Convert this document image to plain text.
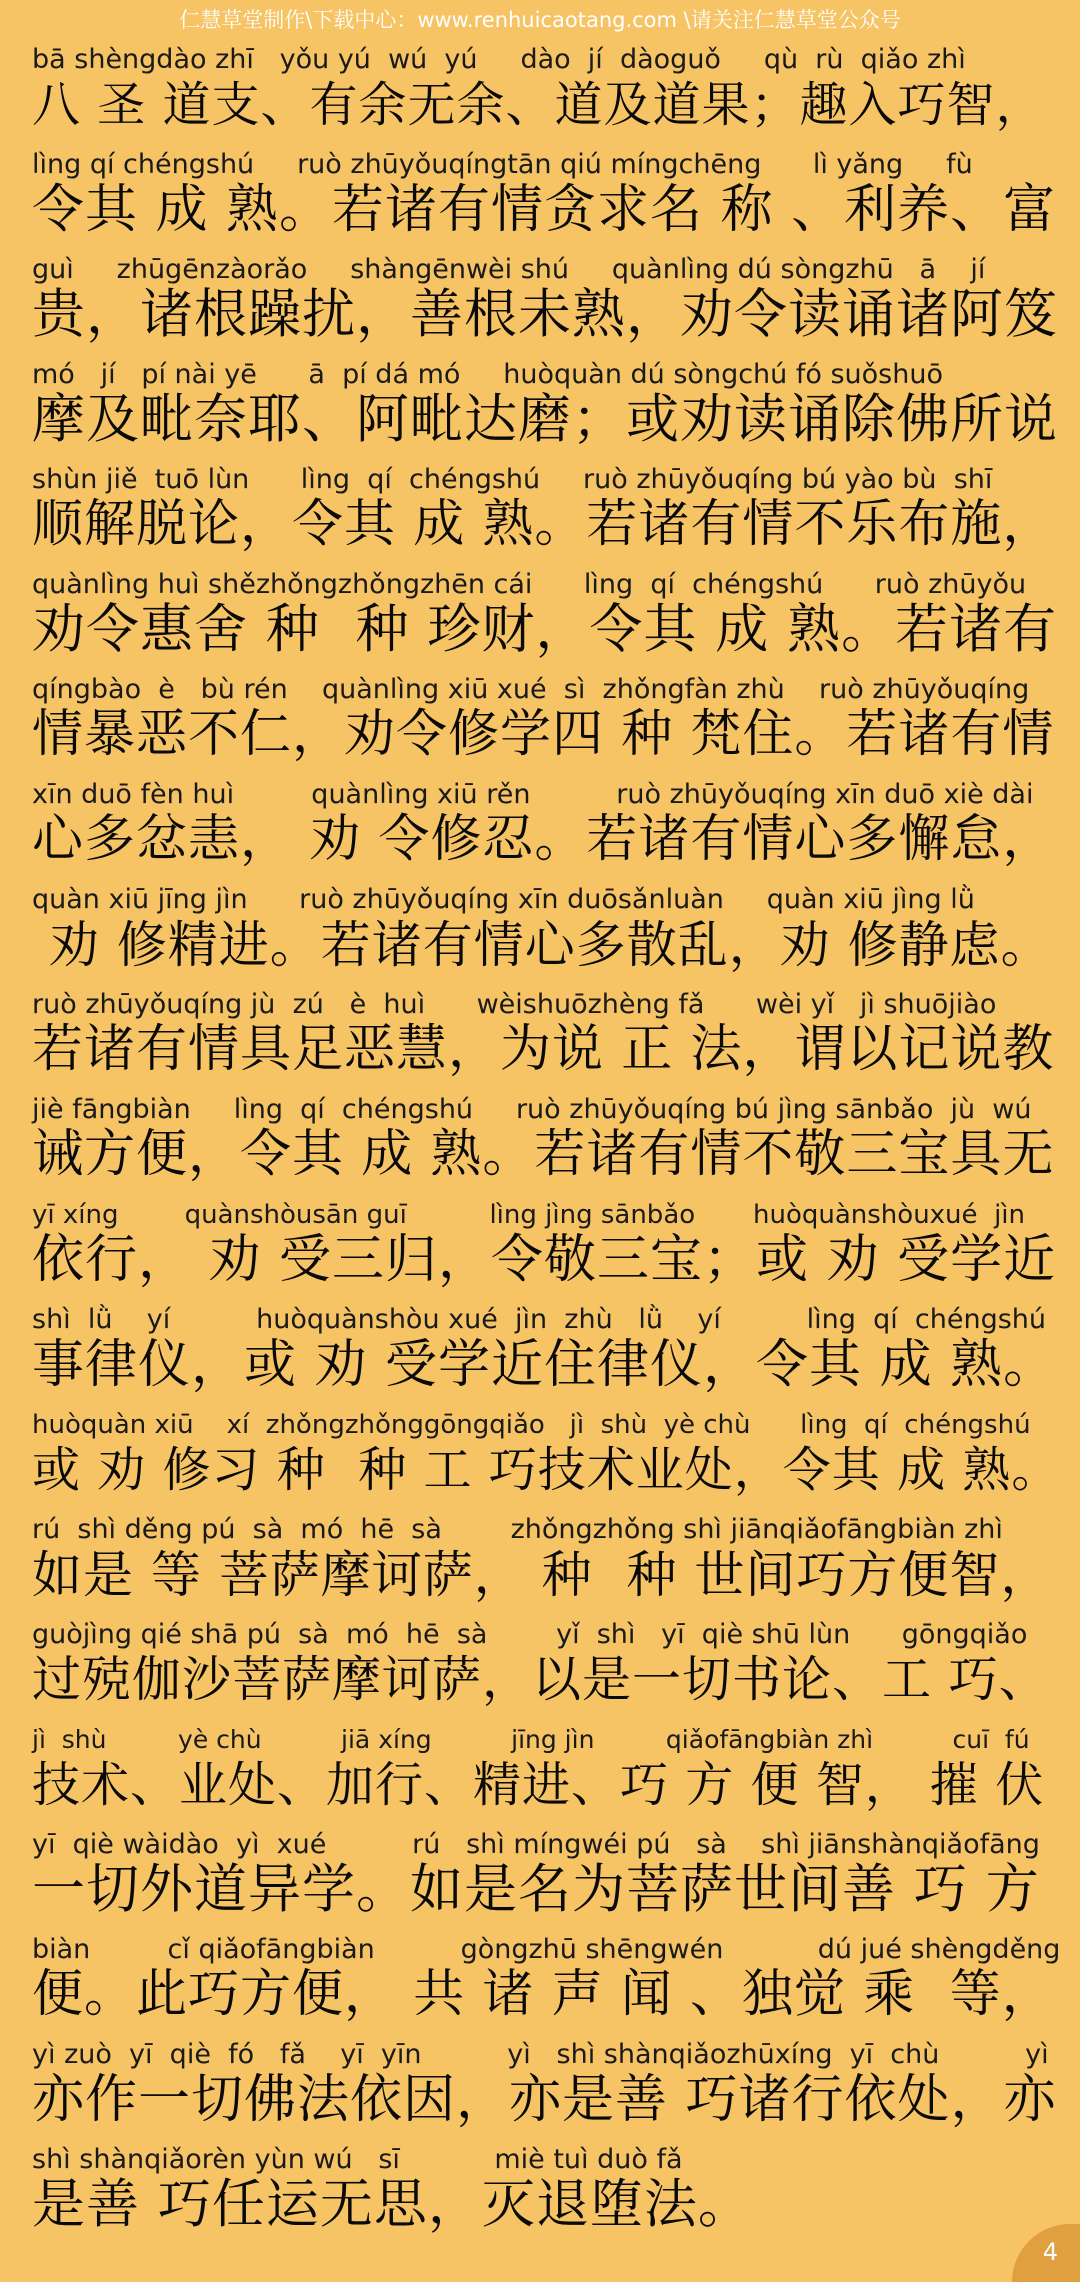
仁慧草堂制作\下载中心：www.renhuicaotang.com \请关注仁慧草堂公众号
bā shèngdào zhī   yǒu yú  wú  yú     dào  jí  dàoguǒ     qù  rù  qiǎo zhì
八 圣 道支、有余无余、道及道果；趣入巧智，
lìng qí chéngshú     ruò zhūyǒuqíngtān qiú míngchēng      lì yǎng     fù
令其 成 熟。若诸有情贪求名 称 、利养、富
guì     zhūgēnzàorǎo     shàngēnwèi shú     quànlìng dú sòngzhū   ā    jí
贵，诸根躁扰，善根未熟，劝令读诵诸阿笈
mó   jí   pí nài yē      ā  pí dá mó     huòquàn dú sòngchú fó suǒshuō
摩及毗奈耶、阿毗达磨；或劝读诵除佛所说
shùn jiě  tuō lùn      lìng  qí  chéngshú     ruò zhūyǒuqíng bú yào bù  shī
顺解脱论，令其 成 熟。若诸有情不乐布施，
quànlìng huì shězhǒngzhǒngzhēn cái      lìng  qí  chéngshú      ruò zhūyǒu
劝令惠舍 种  种 珍财，令其 成 熟。若诸有
qíngbào  è   bù rén    quànlìng xiū xué  sì  zhǒngfàn zhù    ruò zhūyǒuqíng
情暴恶不仁，劝令修学四 种 梵住。若诸有情
xīn duō fèn huì         quànlìng xiū rěn          ruò zhūyǒuqíng xīn duō xiè dài
心多忿恚， 劝 令修忍。若诸有情心多懈怠，
quàn xiū jīng jìn      ruò zhūyǒuqíng xīn duōsǎnluàn     quàn xiū jìng lǜ
劝 修精进。若诸有情心多散乱，劝 修静虑。
ruò zhūyǒuqíng jù  zú   è  huì      wèishuōzhèng fǎ      wèi yǐ   jì shuōjiào
若诸有情具足恶慧，为说 正 法，谓以记说教
jiè fāngbiàn     lìng  qí  chéngshú     ruò zhūyǒuqíng bú jìng sānbǎo  jù  wú
诫方便，令其 成 熟。若诸有情不敬三宝具无
yī xíng        quànshòusān guī          lìng jìng sānbǎo       huòquànshòuxué  jìn
依行， 劝 受三归，令敬三宝；或 劝 受学近
shì  lǜ    yí          huòquànshòu xué  jìn  zhù   lǜ    yí          lìng  qí  chéngshú
事律仪，或 劝 受学近住律仪，令其 成 熟。
huòquàn xiū    xí  zhǒngzhǒnggōngqiǎo   jì  shù  yè chù      lìng  qí  chéngshú
或 劝 修习 种  种 工 巧技术业处，令其 成 熟。
rú  shì děng pú  sà  mó  hē  sà        zhǒngzhǒng shì jiānqiǎofāngbiàn zhì
如是 等 菩萨摩诃萨， 种  种 世间巧方便智，
guòjìng qié shā pú  sà  mó  hē  sà        yǐ  shì   yī  qiè shū lùn      gōngqiǎo
过殑伽沙菩萨摩诃萨，以是一切书论、工 巧、
jì  shù         yè chù          jiā xíng          jīng jìn         qiǎofāngbiàn zhì          cuī  fú
技术、业处、加行、精进、巧 方 便 智， 摧 伏
yī  qiè wàidào  yì  xué          rú   shì míngwéi pú   sà    shì jiānshànqiǎofāng
一切外道异学。如是名为菩萨世间善 巧 方
biàn         cǐ qiǎofāngbiàn          gòngzhū shēngwén           dú jué shèngděng
便。此巧方便， 共 诸 声 闻 、独觉 乘  等，
yì zuò  yī  qiè  fó   fǎ    yī  yīn          yì   shì shànqiǎozhūxíng  yī  chù          yì
亦作一切佛法依因，亦是善 巧诸行依处，亦
shì shànqiǎorèn yùn wú   sī           miè tuì duò fǎ
是善 巧任运无思，灭退堕法。
4
